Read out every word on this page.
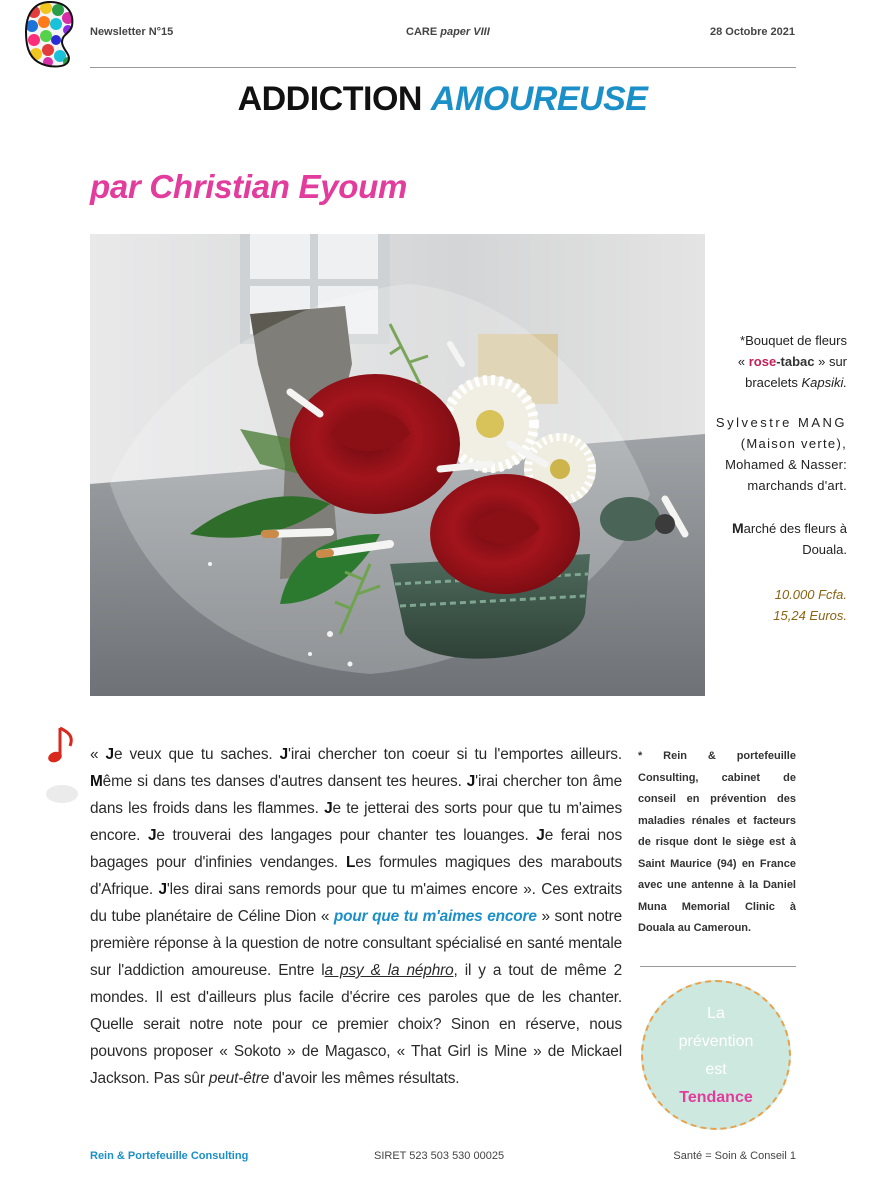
Newsletter N°15	CARE paper VIII	28 Octobre 2021
ADDICTION AMOUREUSE
par Christian Eyoum
*Bouquet de fleurs
« rose-tabac » sur
bracelets Kapsiki.
Sylvestre MANG
(Maison verte),
Mohamed & Nasser:
marchands d'art.
Marché des fleurs à
Douala.
10.000 Fcfa.
15,24 Euros.
« Je veux que tu saches. J'irai chercher ton coeur si tu l'emportes ailleurs. Même si dans tes danses d'autres dansent tes heures. J'irai chercher ton âme dans les froids dans les flammes. Je te jetterai des sorts pour que tu m'aimes encore. Je trouverai des langages pour chanter tes louanges. Je ferai nos bagages pour d'infinies vendanges. Les formules magiques des marabouts d'Afrique. J'les dirai sans remords pour que tu m'aimes encore ». Ces extraits du tube planétaire de Céline Dion « pour que tu m'aimes encore » sont notre première réponse à la question de notre consultant spécialisé en santé mentale sur l'addiction amoureuse. Entre la psy & la néphro, il y a tout de même 2 mondes. Il est d'ailleurs plus facile d'écrire ces paroles que de les chanter. Quelle serait notre note pour ce premier choix? Sinon en réserve, nous pouvons proposer « Sokoto » de Magasco, « That Girl is Mine » de Mickael Jackson. Pas sûr peut-être d'avoir les mêmes résultats.
* Rein & portefeuille Consulting, cabinet de conseil en prévention des maladies rénales et facteurs de risque dont le siège est à Saint Maurice (94) en France avec une antenne à la Daniel Muna Memorial Clinic à Douala au Cameroun.
La
prévention
est
Tendance
Rein & Portefeuille Consulting	SIRET 523 503 530 00025	Santé = Soin & Conseil 1
